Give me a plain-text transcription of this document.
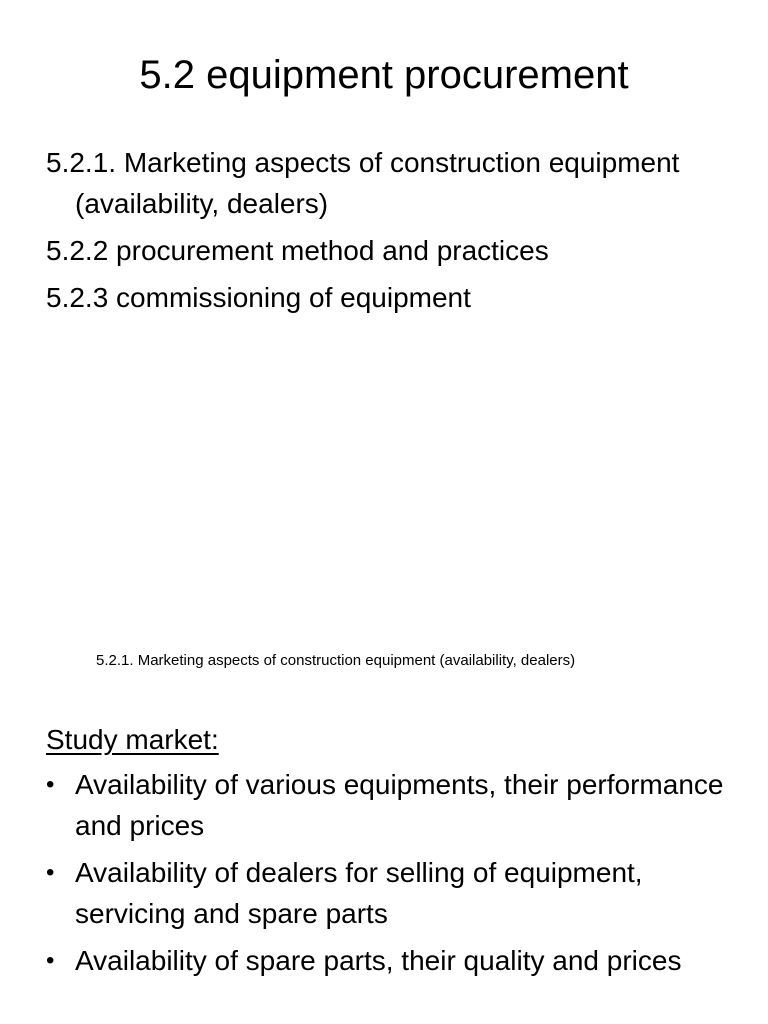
5.2 equipment procurement
5.2.1. Marketing aspects of construction equipment (availability, dealers)
5.2.2 procurement method and practices
5.2.3 commissioning of equipment
5.2.1. Marketing aspects of construction equipment (availability, dealers)
Study market:
• Availability of various equipments, their performance and prices
• Availability of dealers for selling of equipment, servicing and spare parts
• Availability of spare parts, their quality and prices
